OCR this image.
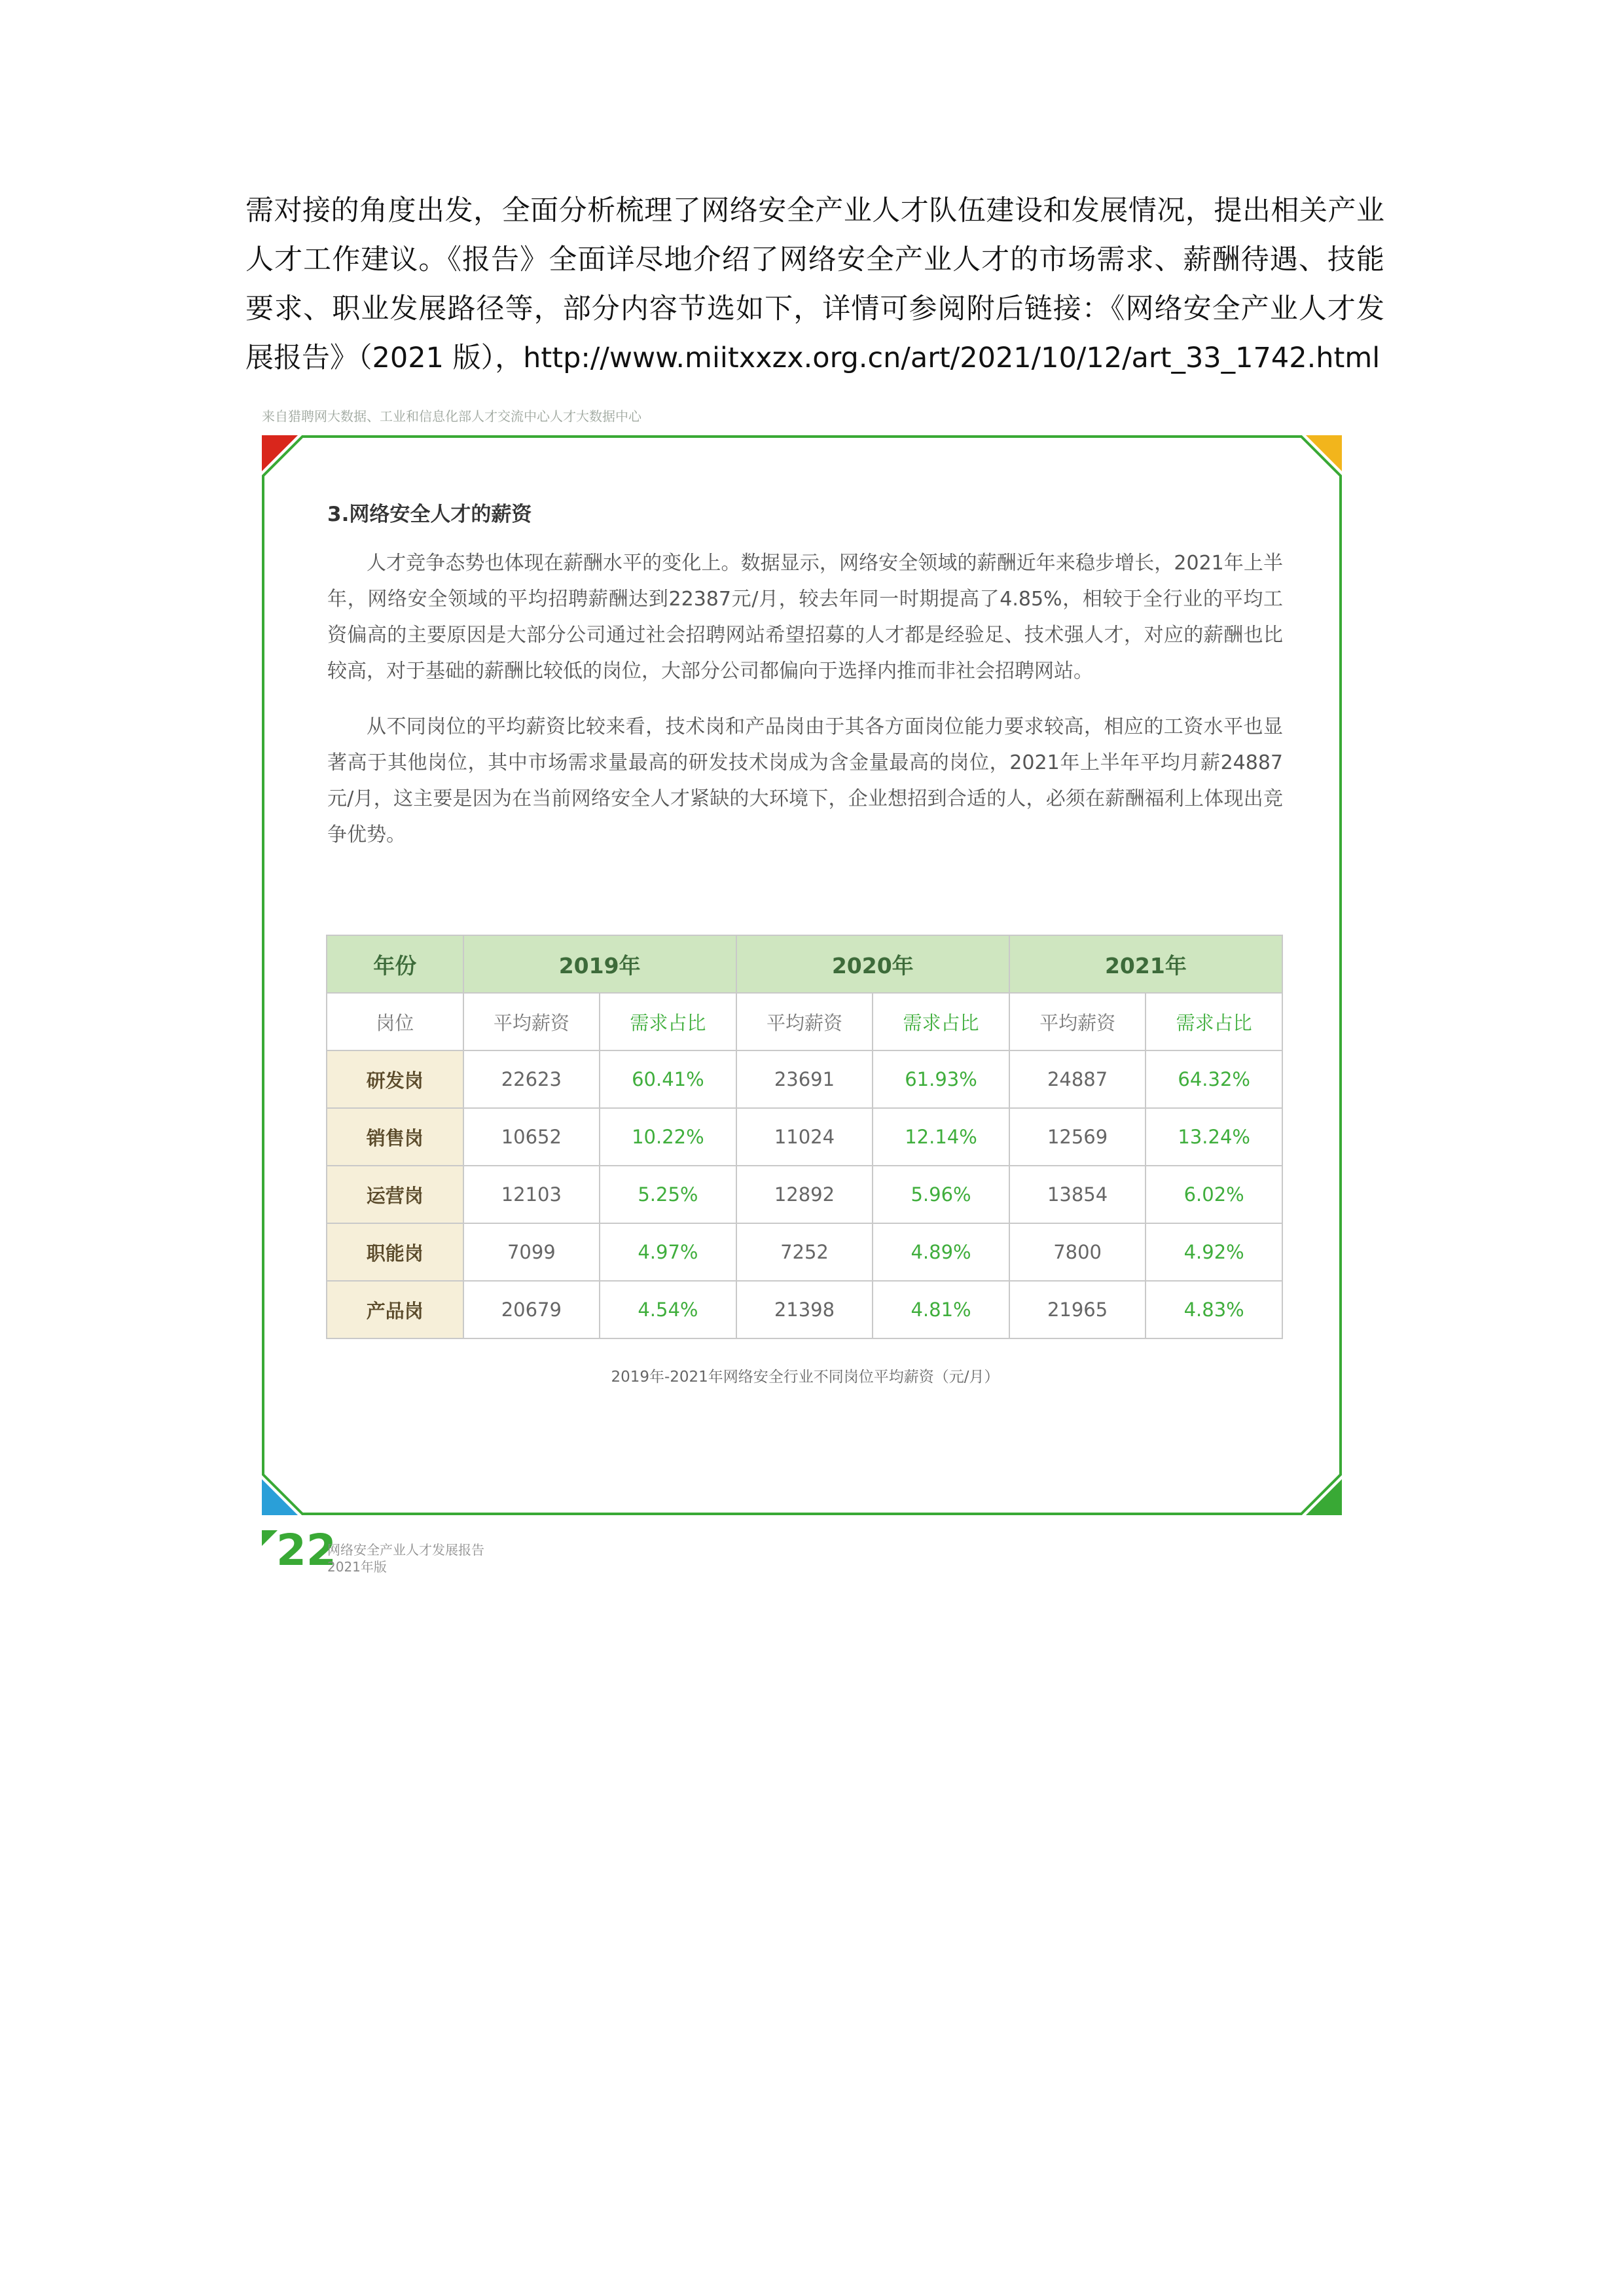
需对接的角度出发，全面分析梳理了网络安全产业人才队伍建设和发展情况，提出相关产业人才工作建议。《报告》全面详尽地介绍了网络安全产业人才的市场需求、薪酬待遇、技能要求、职业发展路径等，部分内容节选如下，详情可参阅附后链接：《网络安全产业人才发展报告》（2021 版），http://www.miitxxzx.org.cn/art/2021/10/12/art_33_1742.html

来自猎聘网大数据、工业和信息化部人才交流中心人才大数据中心
3.网络安全人才的薪资

人才竞争态势也体现在薪酬水平的变化上。数据显示，网络安全领域的薪酬近年来稳步增长，2021年上半年，网络安全领域的平均招聘薪酬达到22387元/月，较去年同一时期提高了4.85%，相较于全行业的平均工资偏高的主要原因是大部分公司通过社会招聘网站希望招募的人才都是经验足、技术强人才，对应的薪酬也比较高，对于基础的薪酬比较低的岗位，大部分公司都偏向于选择内推而非社会招聘网站。

从不同岗位的平均薪资比较来看，技术岗和产品岗由于其各方面岗位能力要求较高，相应的工资水平也显著高于其他岗位，其中市场需求量最高的研发技术岗成为含金量最高的岗位，2021年上半年平均月薪24887元/月，这主要是因为在当前网络安全人才紧缺的大环境下，企业想招到合适的人，必须在薪酬福利上体现出竞争优势。

年份	2019年		2020年		2021年	
岗位	平均薪资	需求占比	平均薪资	需求占比	平均薪资	需求占比
研发岗	22623	60.41%	23691	61.93%	24887	64.32%
销售岗	10652	10.22%	11024	12.14%	12569	13.24%
运营岗	12103	5.25%	12892	5.96%	13854	6.02%
职能岗	7099	4.97%	7252	4.89%	7800	4.92%
产品岗	20679	4.54%	21398	4.81%	21965	4.83%
2019年-2021年网络安全行业不同岗位平均薪资（元/月）
22
网络安全产业人才发展报告
2021年版
